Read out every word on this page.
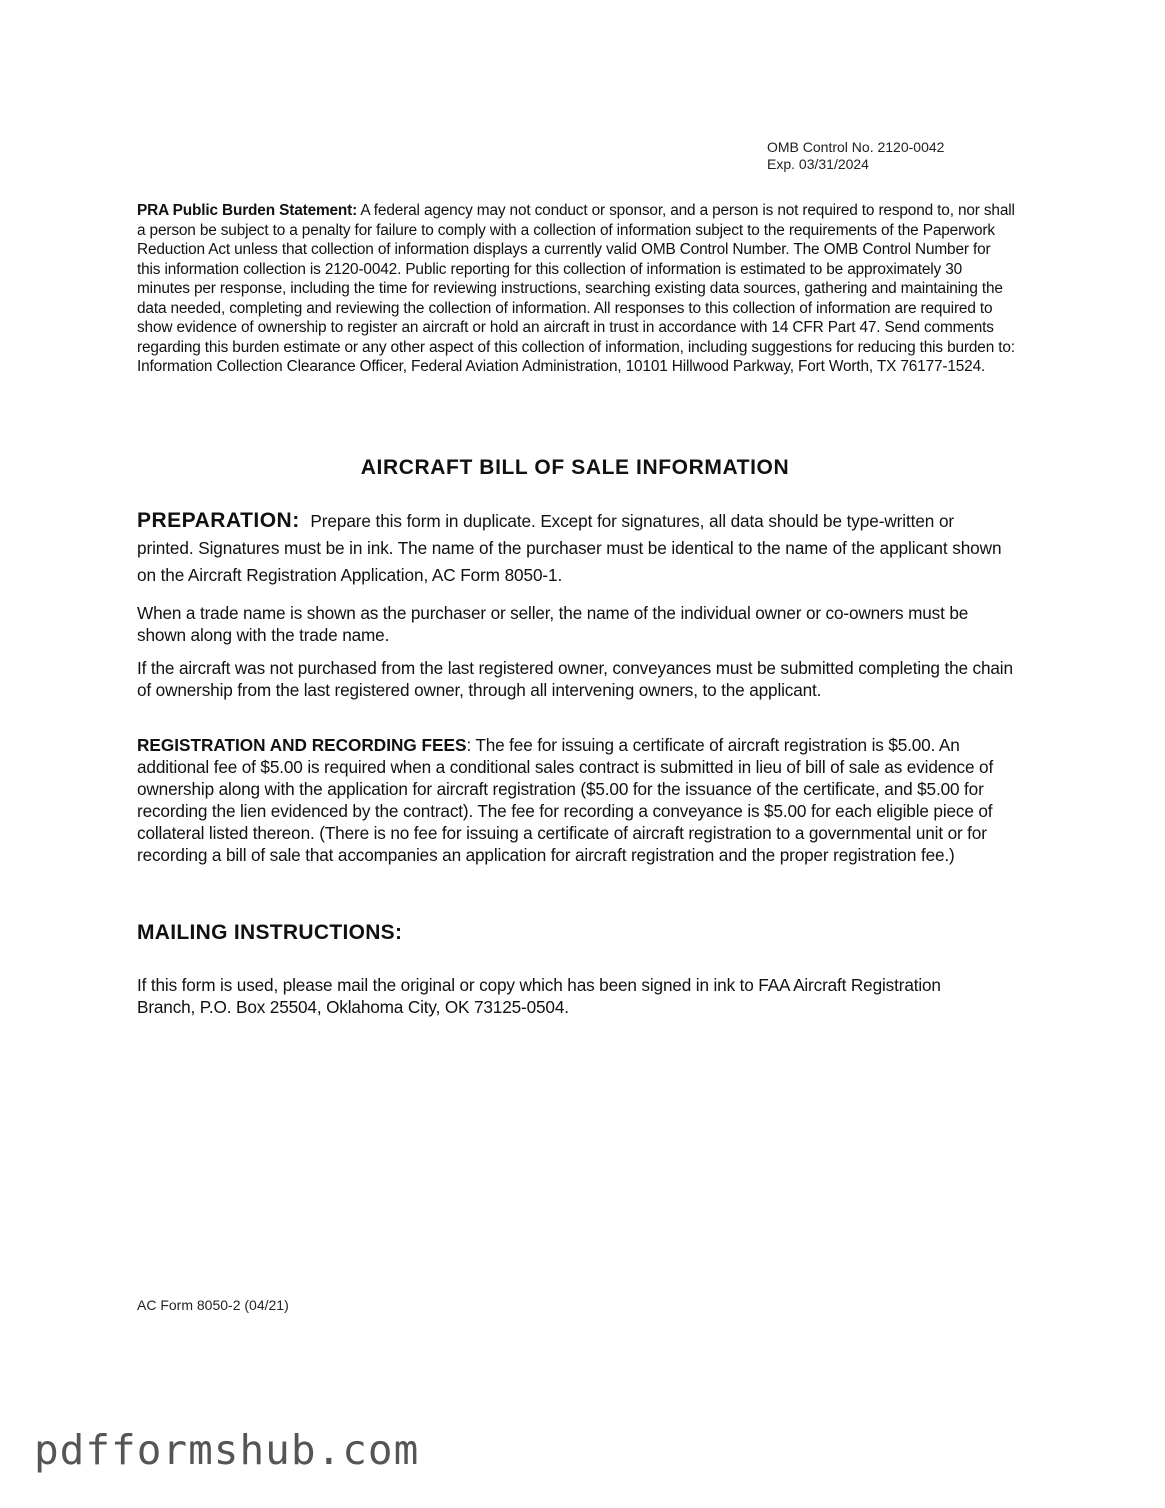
OMB Control No. 2120-0042
Exp. 03/31/2024
PRA Public Burden Statement: A federal agency may not conduct or sponsor, and a person is not required to respond to, nor shall a person be subject to a penalty for failure to comply with a collection of information subject to the requirements of the Paperwork Reduction Act unless that collection of information displays a currently valid OMB Control Number. The OMB Control Number for this information collection is 2120-0042. Public reporting for this collection of information is estimated to be approximately 30 minutes per response, including the time for reviewing instructions, searching existing data sources, gathering and maintaining the data needed, completing and reviewing the collection of information. All responses to this collection of information are required to show evidence of ownership to register an aircraft or hold an aircraft in trust in accordance with 14 CFR Part 47. Send comments regarding this burden estimate or any other aspect of this collection of information, including suggestions for reducing this burden to: Information Collection Clearance Officer, Federal Aviation Administration, 10101 Hillwood Parkway, Fort Worth, TX 76177-1524.
AIRCRAFT BILL OF SALE INFORMATION
PREPARATION: Prepare this form in duplicate. Except for signatures, all data should be type-written or printed. Signatures must be in ink. The name of the purchaser must be identical to the name of the applicant shown on the Aircraft Registration Application, AC Form 8050-1.
When a trade name is shown as the purchaser or seller, the name of the individual owner or co-owners must be shown along with the trade name.
If the aircraft was not purchased from the last registered owner, conveyances must be submitted completing the chain of ownership from the last registered owner, through all intervening owners, to the applicant.
REGISTRATION AND RECORDING FEES: The fee for issuing a certificate of aircraft registration is $5.00. An additional fee of $5.00 is required when a conditional sales contract is submitted in lieu of bill of sale as evidence of ownership along with the application for aircraft registration ($5.00 for the issuance of the certificate, and $5.00 for recording the lien evidenced by the contract). The fee for recording a conveyance is $5.00 for each eligible piece of collateral listed thereon. (There is no fee for issuing a certificate of aircraft registration to a governmental unit or for recording a bill of sale that accompanies an application for aircraft registration and the proper registration fee.)
MAILING INSTRUCTIONS:
If this form is used, please mail the original or copy which has been signed in ink to FAA Aircraft Registration Branch, P.O. Box 25504, Oklahoma City, OK 73125-0504.
AC Form 8050-2 (04/21)
pdfformshub.com
